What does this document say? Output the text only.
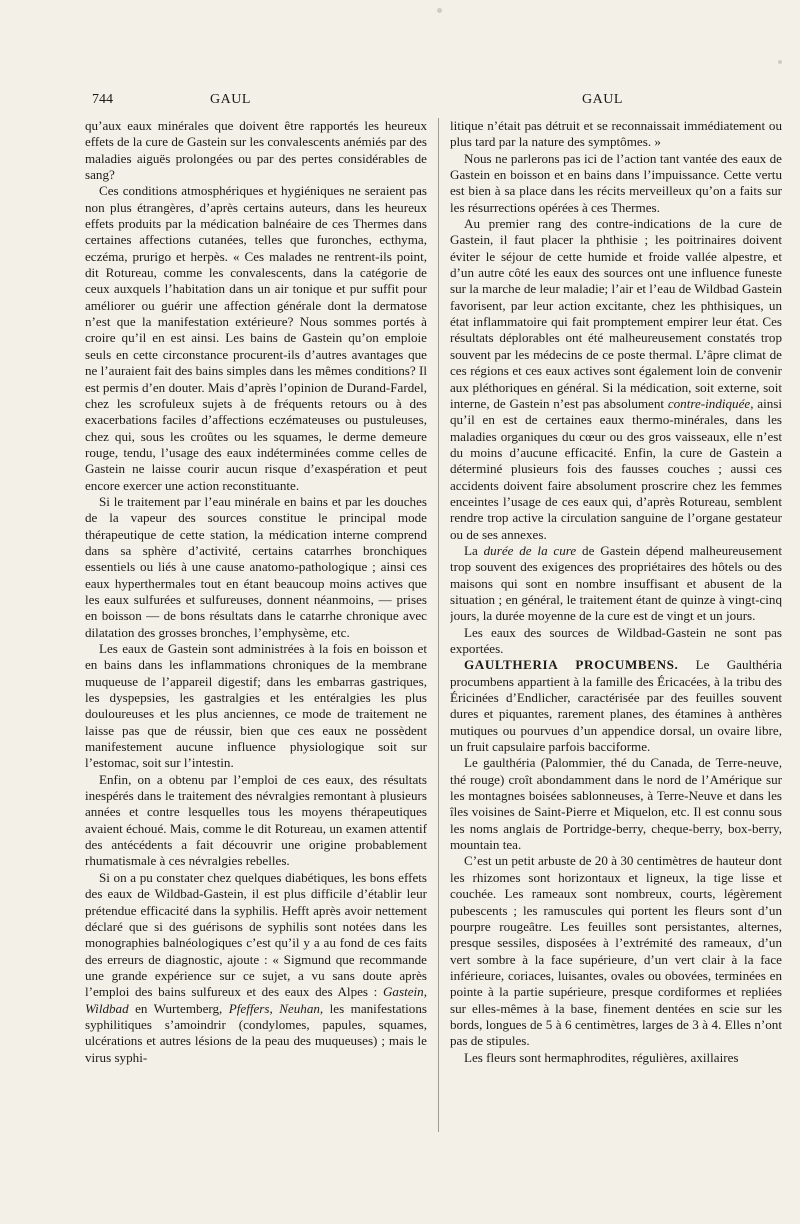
744	GAUL	GAUL

qu’aux eaux minérales que doivent être rapportés les heureux effets de la cure de Gastein sur les convalescents anémiés par des maladies aiguës prolongées ou par des pertes considérables de sang?

Ces conditions atmosphériques et hygiéniques ne seraient pas non plus étrangères, d’après certains auteurs, dans les heureux effets produits par la médication balnéaire de ces Thermes dans certaines affections cutanées, telles que furonches, ecthyma, eczéma, prurigo et herpès. « Ces malades ne rentrent-ils point, dit Rotureau, comme les convalescents, dans la catégorie de ceux auxquels l’habitation dans un air tonique et pur suffit pour améliorer ou guérir une affection générale dont la dermatose n’est que la manifestation extérieure? Nous sommes portés à croire qu’il en est ainsi. Les bains de Gastein qu’on emploie seuls en cette circonstance procurent-ils d’autres avantages que ne l’auraient fait des bains simples dans les mêmes conditions? Il est permis d’en douter. Mais d’après l’opinion de Durand-Fardel, chez les scrofuleux sujets à de fréquents retours ou à des exacerbations faciles d’affections eczémateuses ou pustuleuses, chez qui, sous les croûtes ou les squames, le derme demeure rouge, tendu, l’usage des eaux indéterminées comme celles de Gastein ne laisse courir aucun risque d’exaspération et peut encore exercer une action reconstituante.

Si le traitement par l’eau minérale en bains et par les douches de la vapeur des sources constitue le principal mode thérapeutique de cette station, la médication interne comprend dans sa sphère d’activité, certains catarrhes bronchiques essentiels ou liés à une cause anatomo-pathologique ; ainsi ces eaux hyperthermales tout en étant beaucoup moins actives que les eaux sulfurées et sulfureuses, donnent néanmoins, — prises en boisson — de bons résultats dans le catarrhe chronique avec dilatation des grosses bronches, l’emphysème, etc.

Les eaux de Gastein sont administrées à la fois en boisson et en bains dans les inflammations chroniques de la membrane muqueuse de l’appareil digestif; dans les embarras gastriques, les dyspepsies, les gastralgies et les entéralgies les plus douloureuses et les plus anciennes, ce mode de traitement ne laisse pas que de réussir, bien que ces eaux ne possèdent manifestement aucune influence physiologique soit sur l’estomac, soit sur l’intestin.

Enfin, on a obtenu par l’emploi de ces eaux, des résultats inespérés dans le traitement des névralgies remontant à plusieurs années et contre lesquelles tous les moyens thérapeutiques avaient échoué. Mais, comme le dit Rotureau, un examen attentif des antécédents a fait découvrir une origine probablement rhumatismale à ces névralgies rebelles.

Si on a pu constater chez quelques diabétiques, les bons effets des eaux de Wildbad-Gastein, il est plus difficile d’établir leur prétendue efficacité dans la syphilis. Hefft après avoir nettement déclaré que si des guérisons de syphilis sont notées dans les monographies balnéologiques c’est qu’il y a au fond de ces faits des erreurs de diagnostic, ajoute : « Sigmund que recommande une grande expérience sur ce sujet, a vu sans doute après l’emploi des bains sulfureux et des eaux des Alpes : Gastein, Wildbad en Wurtemberg, Pfeffers, Neuhan, les manifestations syphilitiques s’amoindrir (condylomes, papules, squames, ulcérations et autres lésions de la peau des muqueuses) ; mais le virus syphi-

litique n’était pas détruit et se reconnaissait immédiatement ou plus tard par la nature des symptômes. »

Nous ne parlerons pas ici de l’action tant vantée des eaux de Gastein en boisson et en bains dans l’impuissance. Cette vertu est bien à sa place dans les récits merveilleux qu’on a faits sur les résurrections opérées à ces Thermes.

Au premier rang des contre-indications de la cure de Gastein, il faut placer la phthisie ; les poitrinaires doivent éviter le séjour de cette humide et froide vallée alpestre, et d’un autre côté les eaux des sources ont une influence funeste sur la marche de leur maladie; l’air et l’eau de Wildbad Gastein favorisent, par leur action excitante, chez les phthisiques, un état inflammatoire qui fait promptement empirer leur état. Ces résultats déplorables ont été malheureusement constatés trop souvent par les médecins de ce poste thermal. L’âpre climat de ces régions et ces eaux actives sont également loin de convenir aux pléthoriques en général. Si la médication, soit externe, soit interne, de Gastein n’est pas absolument contre-indiquée, ainsi qu’il en est de certaines eaux thermo-minérales, dans les maladies organiques du cœur ou des gros vaisseaux, elle n’est du moins d’aucune efficacité. Enfin, la cure de Gastein a déterminé plusieurs fois des fausses couches ; aussi ces accidents doivent faire absolument proscrire chez les femmes enceintes l’usage de ces eaux qui, d’après Rotureau, semblent rendre trop active la circulation sanguine de l’organe gestateur ou de ses annexes.

La durée de la cure de Gastein dépend malheureusement trop souvent des exigences des propriétaires des hôtels ou des maisons qui sont en nombre insuffisant et abusent de la situation ; en général, le traitement étant de quinze à vingt-cinq jours, la durée moyenne de la cure est de vingt et un jours.

Les eaux des sources de Wildbad-Gastein ne sont pas exportées.

GAULTHERIA PROCUMBENS. Le Gaulthéria procumbens appartient à la famille des Éricacées, à la tribu des Éricinées d’Endlicher, caractérisée par des feuilles souvent dures et piquantes, rarement planes, des étamines à anthères mutiques ou pourvues d’un appendice dorsal, un ovaire libre, un fruit capsulaire parfois bacciforme.

Le gaulthéria (Palommier, thé du Canada, de Terre-neuve, thé rouge) croît abondamment dans le nord de l’Amérique sur les montagnes boisées sablonneuses, à Terre-Neuve et dans les îles voisines de Saint-Pierre et Miquelon, etc. Il est connu sous les noms anglais de Portridge-berry, cheque-berry, box-berry, mountain tea.

C’est un petit arbuste de 20 à 30 centimètres de hauteur dont les rhizomes sont horizontaux et ligneux, la tige lisse et couchée. Les rameaux sont nombreux, courts, légèrement pubescents ; les ramuscules qui portent les fleurs sont d’un pourpre rougeâtre. Les feuilles sont persistantes, alternes, presque sessiles, disposées à l’extrémité des rameaux, d’un vert sombre à la face supérieure, d’un vert clair à la face inférieure, coriaces, luisantes, ovales ou obovées, terminées en pointe à la partie supérieure, presque cordiformes et repliées sur elles-mêmes à la base, finement dentées en scie sur les bords, longues de 5 à 6 centimètres, larges de 3 à 4. Elles n’ont pas de stipules.

Les fleurs sont hermaphrodites, régulières, axillaires
